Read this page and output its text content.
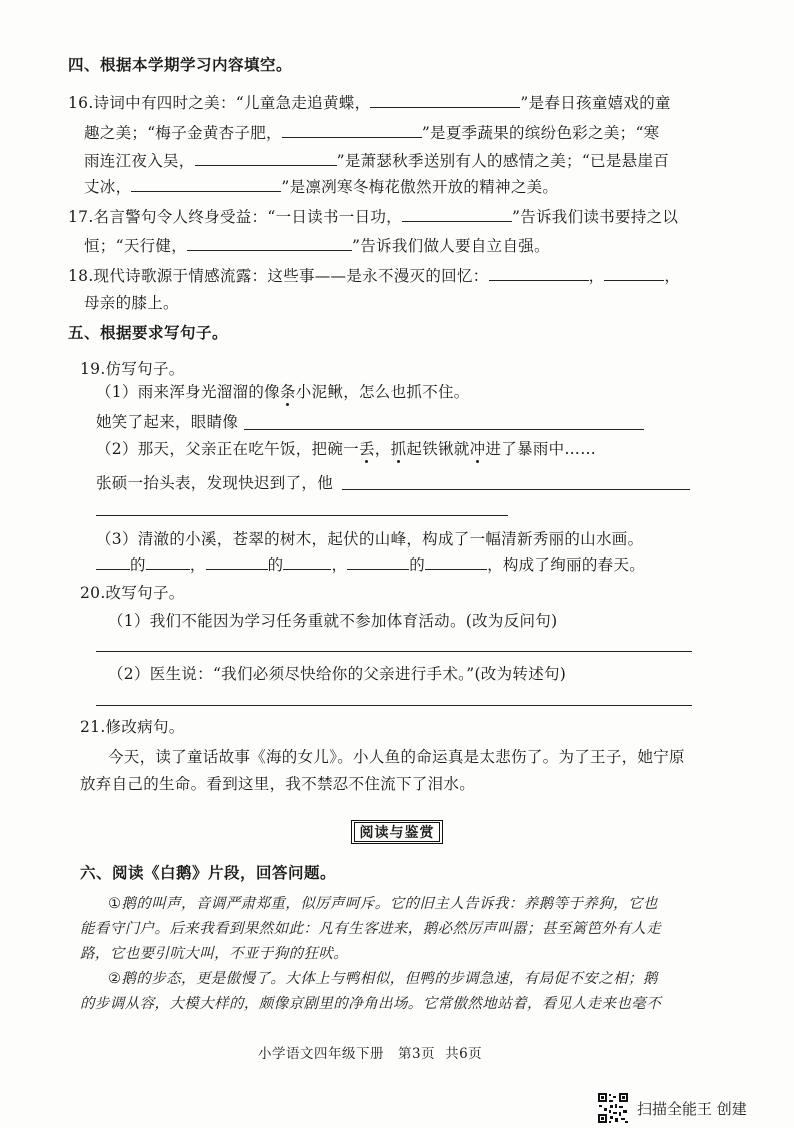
四、根据本学期学习内容填空。
16.诗词中有四时之美：“儿童急走追黄蝶，	”是春日孩童嬉戏的童
趣之美；“梅子金黄杏子肥，	”是夏季蔬果的缤纷色彩之美；“寒
雨连江夜入吴，	”是萧瑟秋季送别有人的感情之美；“已是悬崖百
丈冰，	”是凛冽寒冬梅花傲然开放的精神之美。
17.名言警句令人终身受益：“一日读书一日功，	”告诉我们读书要持之以
恒；“天行健，	”告诉我们做人要自立自强。
18.现代诗歌源于情感流露：这些事——是永不漫灭的回忆：	，	，
母亲的膝上。
五、根据要求写句子。
19.仿写句子。
（1）雨来浑身光溜溜的像条小泥鳅，怎么也抓不住。
她笑了起来，眼睛像
（2）那天，父亲正在吃午饭，把碗一丢，抓起铁锹就冲进了暴雨中……
张硕一抬头表，发现快迟到了，他
（3）清澈的小溪，苍翠的树木，起伏的山峰，构成了一幅清新秀丽的山水画。
的	，	的	，	的	，构成了绚丽的春天。
20.改写句子。
（1）我们不能因为学习任务重就不参加体育活动。(改为反问句)
（2）医生说：“我们必须尽快给你的父亲进行手术。”(改为转述句)
21.修改病句。
今天，读了童话故事《海的女儿》。小人鱼的命运真是太悲伤了。为了王子，她宁原
放弃自己的生命。看到这里，我不禁忍不住流下了泪水。
阅读与鉴赏
六、阅读《白鹅》片段，回答问题。
①鹅的叫声，音调严肃郑重，似厉声呵斥。它的旧主人告诉我：养鹅等于养狗，它也
能看守门户。后来我看到果然如此：凡有生客进来，鹅必然厉声叫嚣；甚至篱笆外有人走
路，它也要引吭大叫，不亚于狗的狂吠。
②鹅的步态，更是傲慢了。大体上与鸭相似，但鸭的步调急速，有局促不安之相；鹅
的步调从容，大模大样的，颇像京剧里的净角出场。它常傲然地站着，看见人走来也毫不
小学语文四年级下册 第3页 共6页
扫描全能王 创建
